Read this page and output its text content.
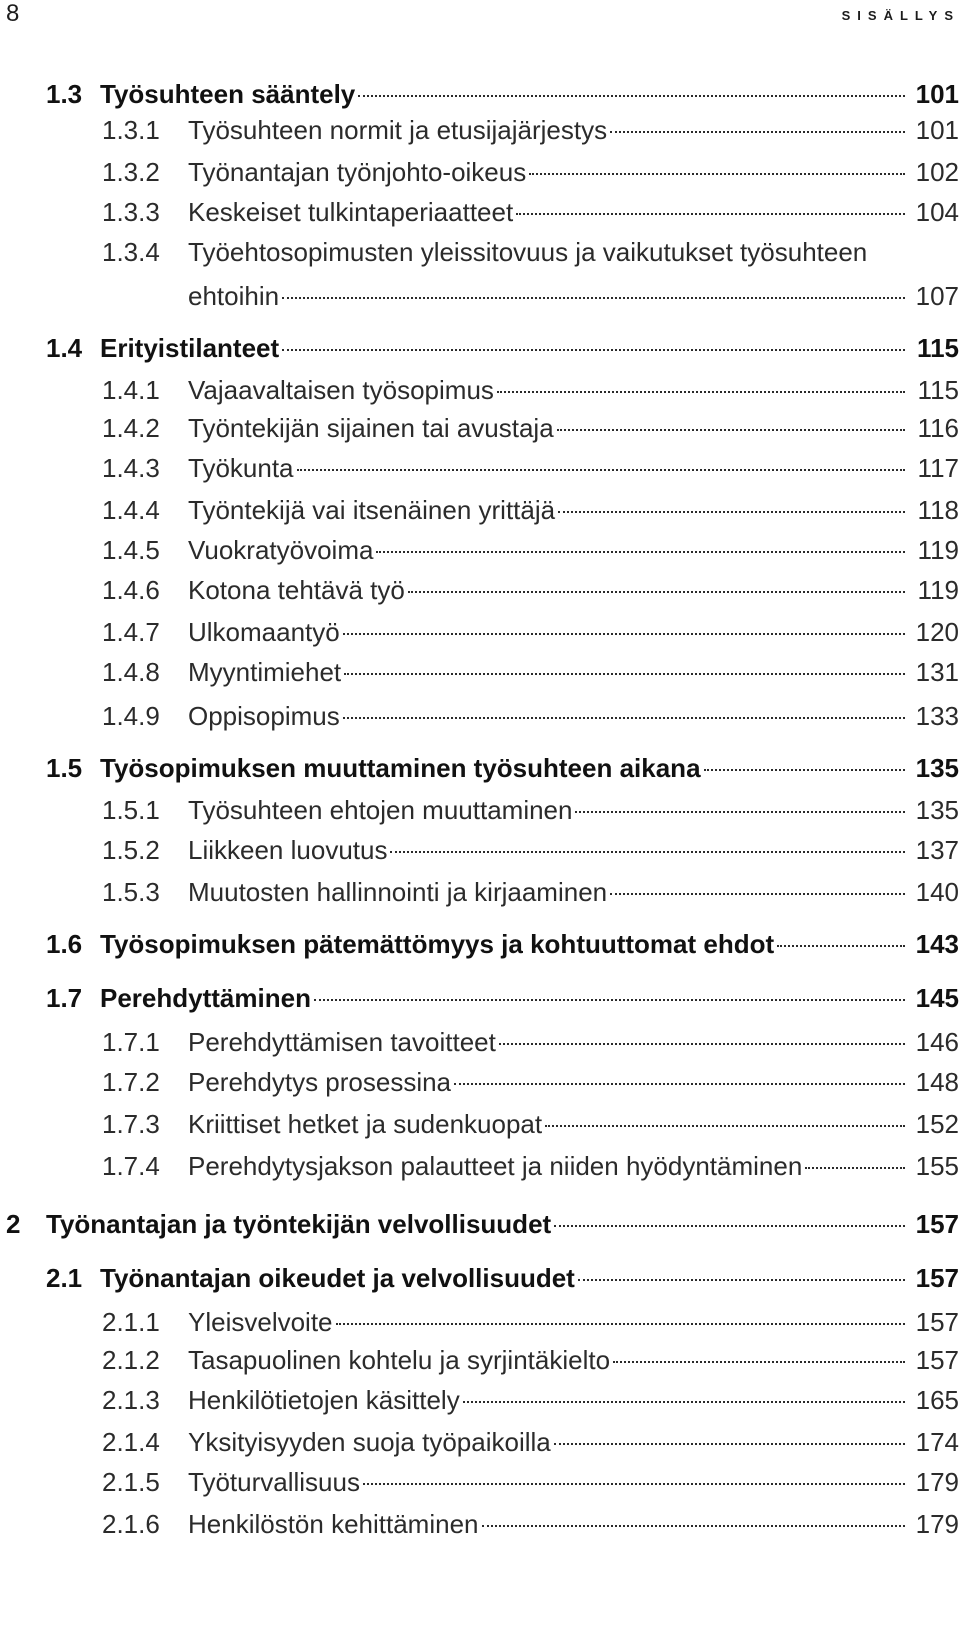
8	SISÄLLYS
1.3 Työsuhteen sääntely	101
1.3.1 Työsuhteen normit ja etusijajärjestys	101
1.3.2 Työnantajan työnjohto-oikeus	102
1.3.3 Keskeiset tulkintaperiaatteet	104
1.3.4 Työehtosopimusten yleissitovuus ja vaikutukset työsuhteen
ehtoihin	107
1.4 Erityistilanteet	115
1.4.1 Vajaavaltaisen työsopimus	115
1.4.2 Työntekijän sijainen tai avustaja	116
1.4.3 Työkunta	117
1.4.4 Työntekijä vai itsenäinen yrittäjä	118
1.4.5 Vuokratyövoima	119
1.4.6 Kotona tehtävä työ	119
1.4.7 Ulkomaantyö	120
1.4.8 Myyntimiehet	131
1.4.9 Oppisopimus	133
1.5 Työsopimuksen muuttaminen työsuhteen aikana	135
1.5.1 Työsuhteen ehtojen muuttaminen	135
1.5.2 Liikkeen luovutus	137
1.5.3 Muutosten hallinnointi ja kirjaaminen	140
1.6 Työsopimuksen pätemättömyys ja kohtuuttomat ehdot	143
1.7 Perehdyttäminen	145
1.7.1 Perehdyttämisen tavoitteet	146
1.7.2 Perehdytys prosessina	148
1.7.3 Kriittiset hetket ja sudenkuopat	152
1.7.4 Perehdytysjakson palautteet ja niiden hyödyntäminen	155
2 Työnantajan ja työntekijän velvollisuudet	157
2.1 Työnantajan oikeudet ja velvollisuudet	157
2.1.1 Yleisvelvoite	157
2.1.2 Tasapuolinen kohtelu ja syrjintäkielto	157
2.1.3 Henkilötietojen käsittely	165
2.1.4 Yksityisyyden suoja työpaikoilla	174
2.1.5 Työturvallisuus	179
2.1.6 Henkilöstön kehittäminen	179
